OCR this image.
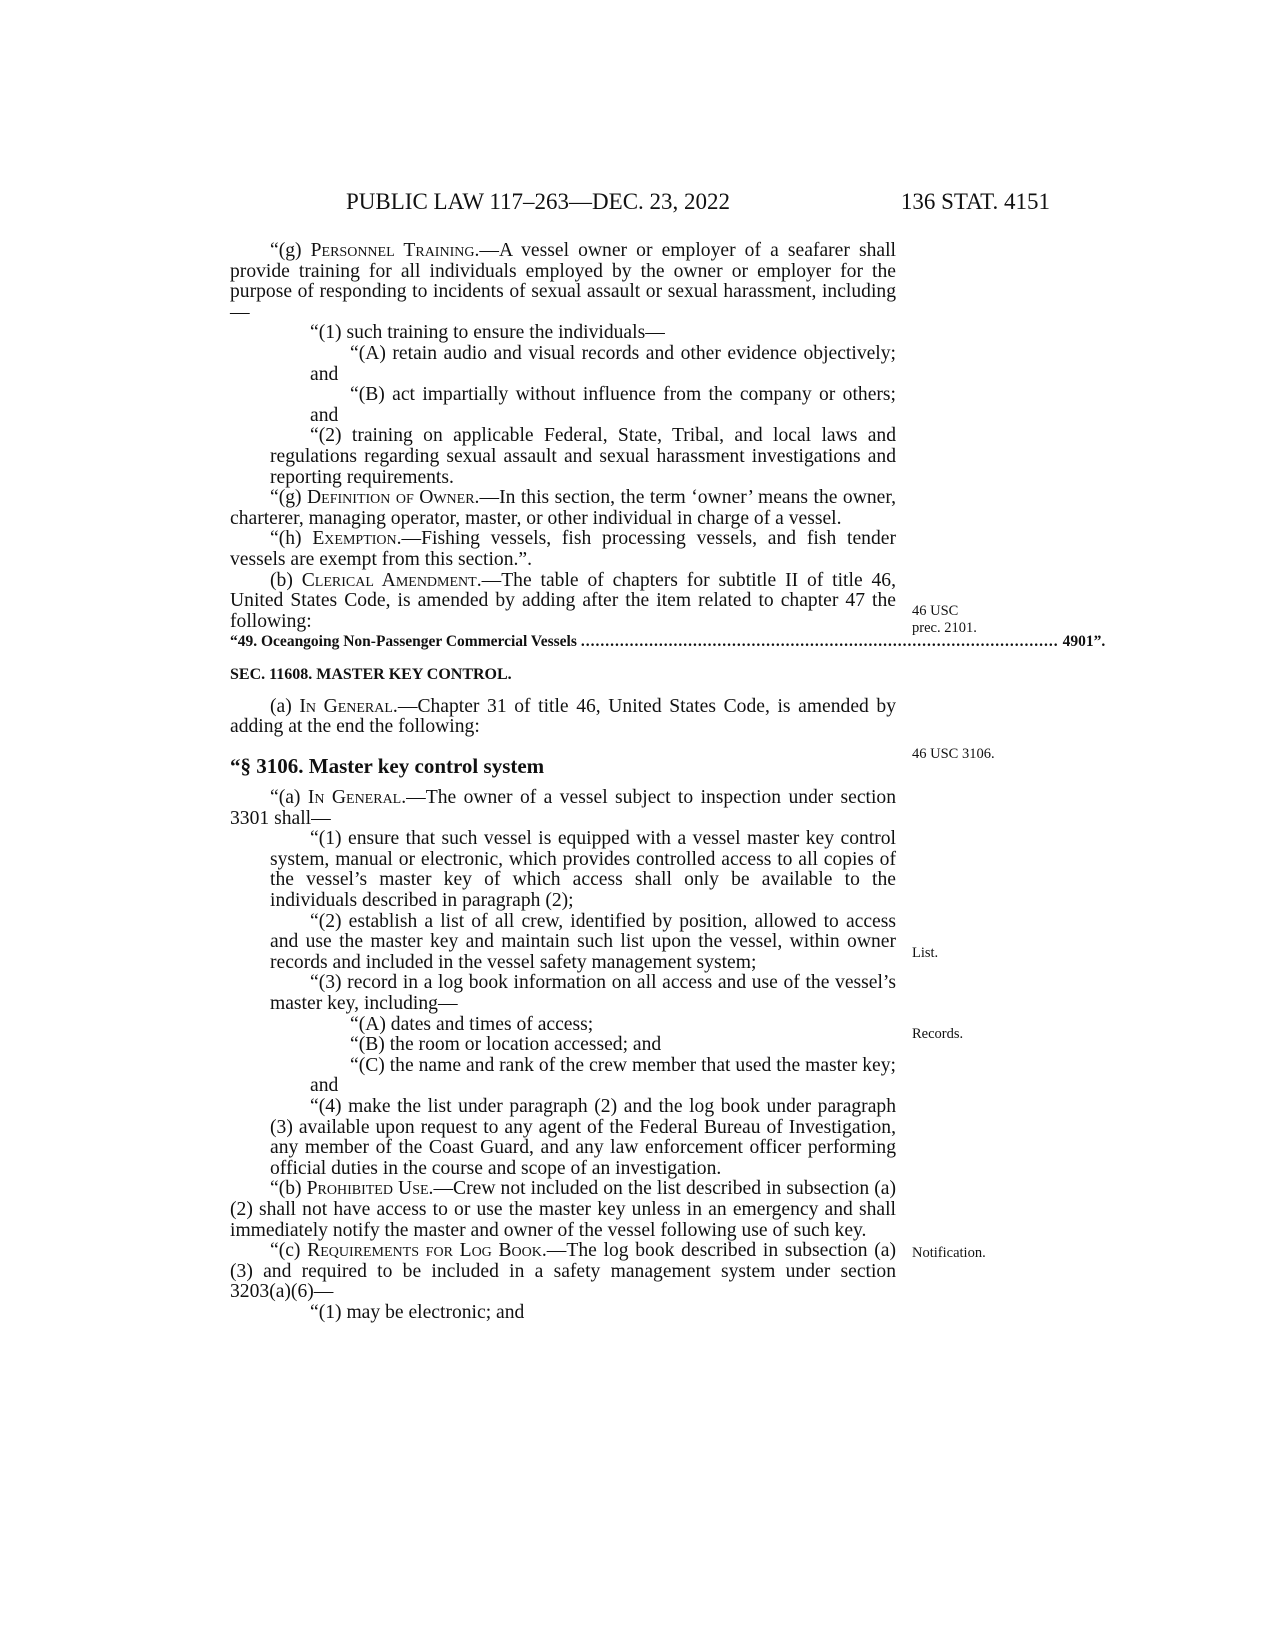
PUBLIC LAW 117–263—DEC. 23, 2022	136 STAT. 4151

“(g) Personnel Training.—A vessel owner or employer of a seafarer shall provide training for all individuals employed by the owner or employer for the purpose of responding to incidents of sexual assault or sexual harassment, including—

“(1) such training to ensure the individuals—

“(A) retain audio and visual records and other evidence objectively; and

“(B) act impartially without influence from the company or others; and

“(2) training on applicable Federal, State, Tribal, and local laws and regulations regarding sexual assault and sexual harassment investigations and reporting requirements.

“(g) Definition of Owner.—In this section, the term ‘owner’ means the owner, charterer, managing operator, master, or other individual in charge of a vessel.

“(h) Exemption.—Fishing vessels, fish processing vessels, and fish tender vessels are exempt from this section.”.

(b) Clerical Amendment.—The table of chapters for subtitle II of title 46, United States Code, is amended by adding after the item related to chapter 47 the following:

“49. Oceangoing Non-Passenger Commercial Vessels .................................................................................................. 4901”.
SEC. 11608. MASTER KEY CONTROL.

(a) In General.—Chapter 31 of title 46, United States Code, is amended by adding at the end the following:

“§ 3106. Master key control system

“(a) In General.—The owner of a vessel subject to inspection under section 3301 shall—

“(1) ensure that such vessel is equipped with a vessel master key control system, manual or electronic, which provides controlled access to all copies of the vessel’s master key of which access shall only be available to the individuals described in paragraph (2);

“(2) establish a list of all crew, identified by position, allowed to access and use the master key and maintain such list upon the vessel, within owner records and included in the vessel safety management system;

“(3) record in a log book information on all access and use of the vessel’s master key, including—

“(A) dates and times of access;

“(B) the room or location accessed; and

“(C) the name and rank of the crew member that used the master key; and

“(4) make the list under paragraph (2) and the log book under paragraph (3) available upon request to any agent of the Federal Bureau of Investigation, any member of the Coast Guard, and any law enforcement officer performing official duties in the course and scope of an investigation.

“(b) Prohibited Use.—Crew not included on the list described in subsection (a)(2) shall not have access to or use the master key unless in an emergency and shall immediately notify the master and owner of the vessel following use of such key.

“(c) Requirements for Log Book.—The log book described in subsection (a)(3) and required to be included in a safety management system under section 3203(a)(6)—

“(1) may be electronic; and

46 USC
prec. 2101.
46 USC 3106.
List.
Records.
Notification.
